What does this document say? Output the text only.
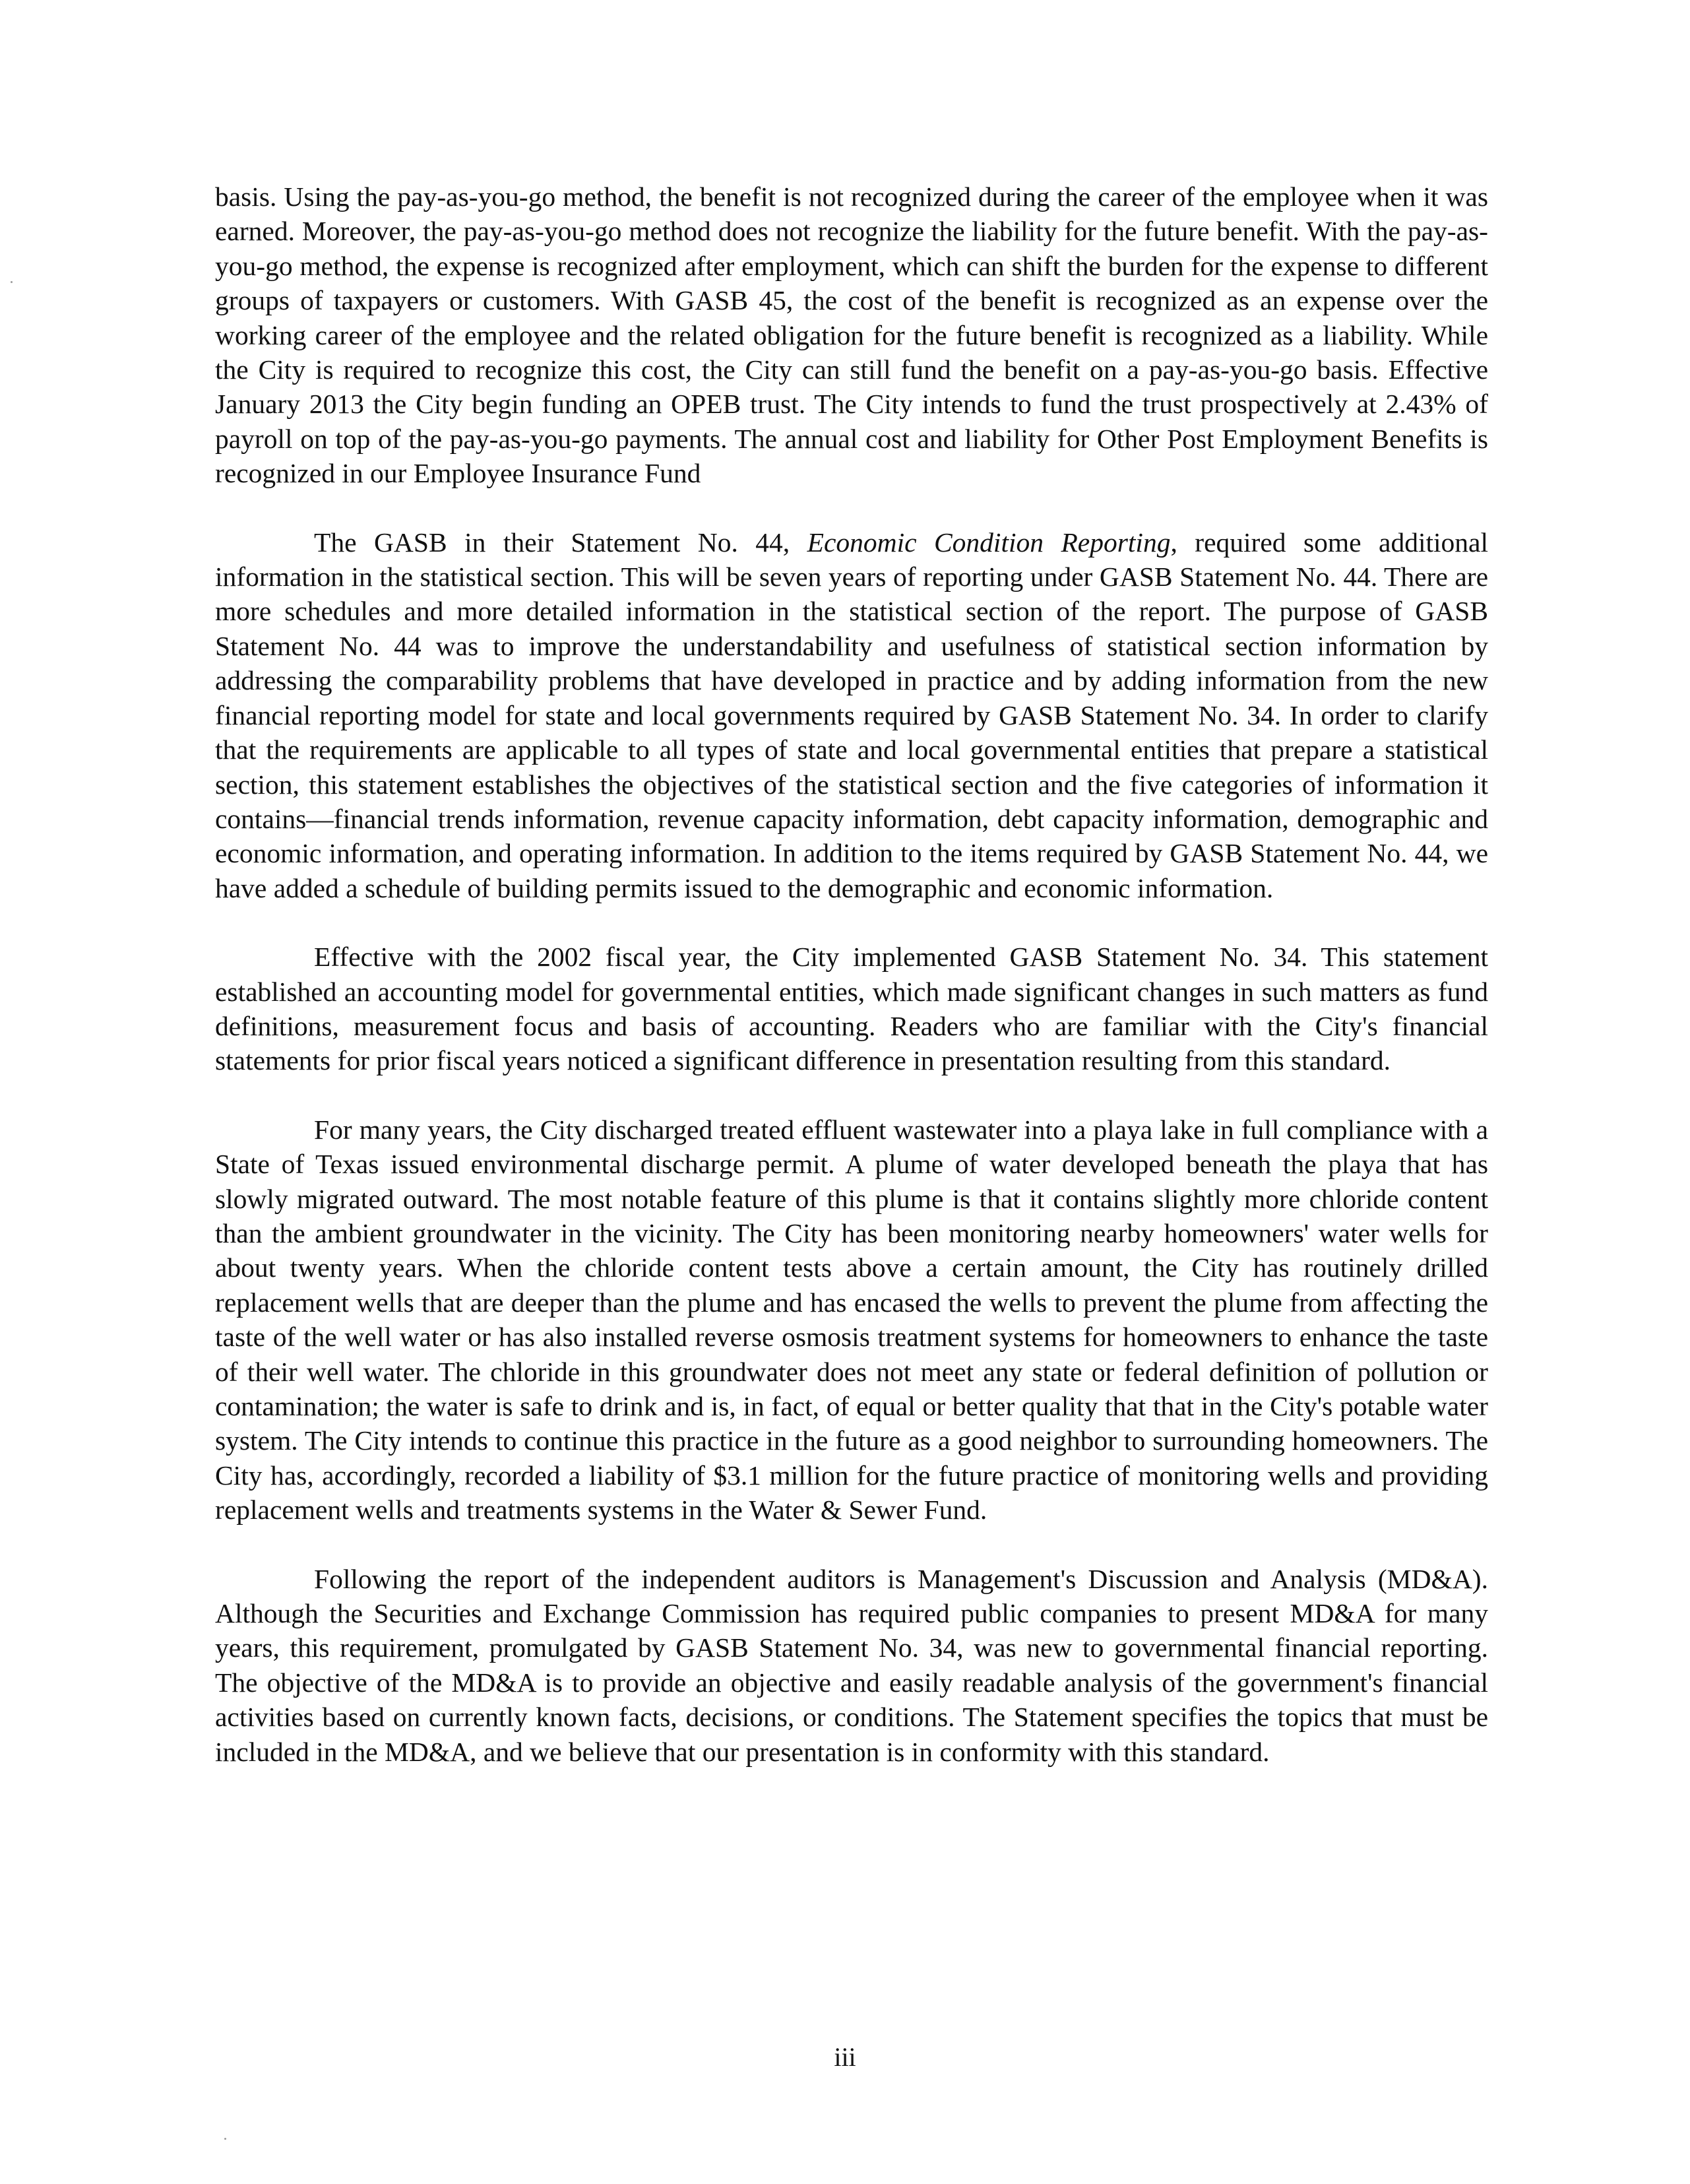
basis. Using the pay-as-you-go method, the benefit is not recognized during the career of the employee when it was earned. Moreover, the pay-as-you-go method does not recognize the liability for the future benefit. With the pay-as-you-go method, the expense is recognized after employment, which can shift the burden for the expense to different groups of taxpayers or customers. With GASB 45, the cost of the benefit is recognized as an expense over the working career of the employee and the related obligation for the future benefit is recognized as a liability. While the City is required to recognize this cost, the City can still fund the benefit on a pay-as-you-go basis. Effective January 2013 the City begin funding an OPEB trust. The City intends to fund the trust prospectively at 2.43% of payroll on top of the pay-as-you-go payments. The annual cost and liability for Other Post Employment Benefits is recognized in our Employee Insurance Fund

The GASB in their Statement No. 44, Economic Condition Reporting, required some additional information in the statistical section. This will be seven years of reporting under GASB Statement No. 44. There are more schedules and more detailed information in the statistical section of the report. The purpose of GASB Statement No. 44 was to improve the understandability and usefulness of statistical section information by addressing the comparability problems that have developed in practice and by adding information from the new financial reporting model for state and local governments required by GASB Statement No. 34. In order to clarify that the requirements are applicable to all types of state and local governmental entities that prepare a statistical section, this statement establishes the objectives of the statistical section and the five categories of information it contains—financial trends information, revenue capacity information, debt capacity information, demographic and economic information, and operating information. In addition to the items required by GASB Statement No. 44, we have added a schedule of building permits issued to the demographic and economic information.

Effective with the 2002 fiscal year, the City implemented GASB Statement No. 34. This statement established an accounting model for governmental entities, which made significant changes in such matters as fund definitions, measurement focus and basis of accounting. Readers who are familiar with the City's financial statements for prior fiscal years noticed a significant difference in presentation resulting from this standard.

For many years, the City discharged treated effluent wastewater into a playa lake in full compliance with a State of Texas issued environmental discharge permit. A plume of water developed beneath the playa that has slowly migrated outward. The most notable feature of this plume is that it contains slightly more chloride content than the ambient groundwater in the vicinity. The City has been monitoring nearby homeowners' water wells for about twenty years. When the chloride content tests above a certain amount, the City has routinely drilled replacement wells that are deeper than the plume and has encased the wells to prevent the plume from affecting the taste of the well water or has also installed reverse osmosis treatment systems for homeowners to enhance the taste of their well water. The chloride in this groundwater does not meet any state or federal definition of pollution or contamination; the water is safe to drink and is, in fact, of equal or better quality that that in the City's potable water system. The City intends to continue this practice in the future as a good neighbor to surrounding homeowners. The City has, accordingly, recorded a liability of $3.1 million for the future practice of monitoring wells and providing replacement wells and treatments systems in the Water & Sewer Fund.

Following the report of the independent auditors is Management's Discussion and Analysis (MD&A). Although the Securities and Exchange Commission has required public companies to present MD&A for many years, this requirement, promulgated by GASB Statement No. 34, was new to governmental financial reporting. The objective of the MD&A is to provide an objective and easily readable analysis of the government's financial activities based on currently known facts, decisions, or conditions. The Statement specifies the topics that must be included in the MD&A, and we believe that our presentation is in conformity with this standard.

iii
